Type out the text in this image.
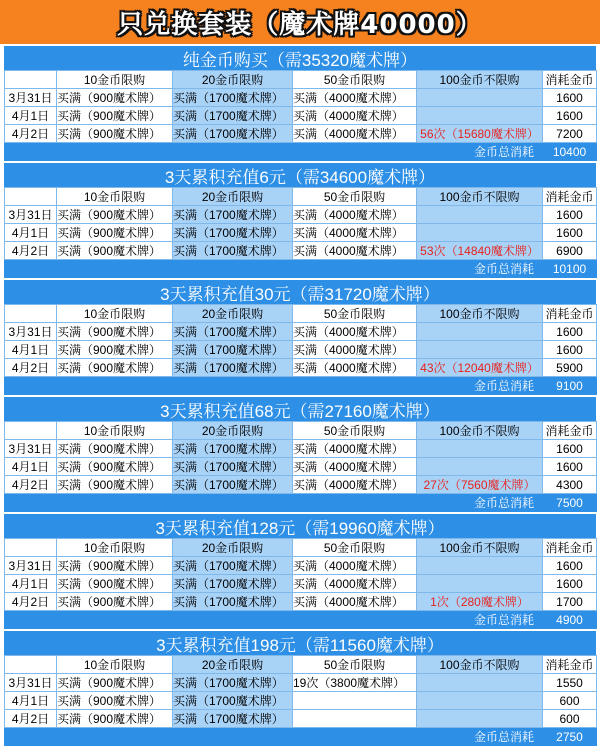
只兑换套装（魔术牌40000）
纯金币购买（需35320魔术牌）
	10金币限购	20金币限购	50金币限购	100金币不限购	消耗金币
3月31日	买满（900魔术牌）	买满（1700魔术牌）	买满（4000魔术牌）		1600
4月1日	买满（900魔术牌）	买满（1700魔术牌）	买满（4000魔术牌）		1600
4月2日	买满（900魔术牌）	买满（1700魔术牌）	买满（4000魔术牌）	56次（15680魔术牌）	7200
				金币总消耗	10400
3天累积充值6元（需34600魔术牌）
	10金币限购	20金币限购	50金币限购	100金币不限购	消耗金币
3月31日	买满（900魔术牌）	买满（1700魔术牌）	买满（4000魔术牌）		1600
4月1日	买满（900魔术牌）	买满（1700魔术牌）	买满（4000魔术牌）		1600
4月2日	买满（900魔术牌）	买满（1700魔术牌）	买满（4000魔术牌）	53次（14840魔术牌）	6900
				金币总消耗	10100
3天累积充值30元（需31720魔术牌）
	10金币限购	20金币限购	50金币限购	100金币不限购	消耗金币
3月31日	买满（900魔术牌）	买满（1700魔术牌）	买满（4000魔术牌）		1600
4月1日	买满（900魔术牌）	买满（1700魔术牌）	买满（4000魔术牌）		1600
4月2日	买满（900魔术牌）	买满（1700魔术牌）	买满（4000魔术牌）	43次（12040魔术牌）	5900
				金币总消耗	9100
3天累积充值68元（需27160魔术牌）
	10金币限购	20金币限购	50金币限购	100金币不限购	消耗金币
3月31日	买满（900魔术牌）	买满（1700魔术牌）	买满（4000魔术牌）		1600
4月1日	买满（900魔术牌）	买满（1700魔术牌）	买满（4000魔术牌）		1600
4月2日	买满（900魔术牌）	买满（1700魔术牌）	买满（4000魔术牌）	27次（7560魔术牌）	4300
				金币总消耗	7500
3天累积充值128元（需19960魔术牌）
	10金币限购	20金币限购	50金币限购	100金币不限购	消耗金币
3月31日	买满（900魔术牌）	买满（1700魔术牌）	买满（4000魔术牌）		1600
4月1日	买满（900魔术牌）	买满（1700魔术牌）	买满（4000魔术牌）		1600
4月2日	买满（900魔术牌）	买满（1700魔术牌）	买满（4000魔术牌）	1次（280魔术牌）	1700
				金币总消耗	4900
3天累积充值198元（需11560魔术牌）
	10金币限购	20金币限购	50金币限购	100金币不限购	消耗金币
3月31日	买满（900魔术牌）	买满（1700魔术牌）	19次（3800魔术牌）		1550
4月1日	买满（900魔术牌）	买满（1700魔术牌）			600
4月2日	买满（900魔术牌）	买满（1700魔术牌）			600
				金币总消耗	2750
